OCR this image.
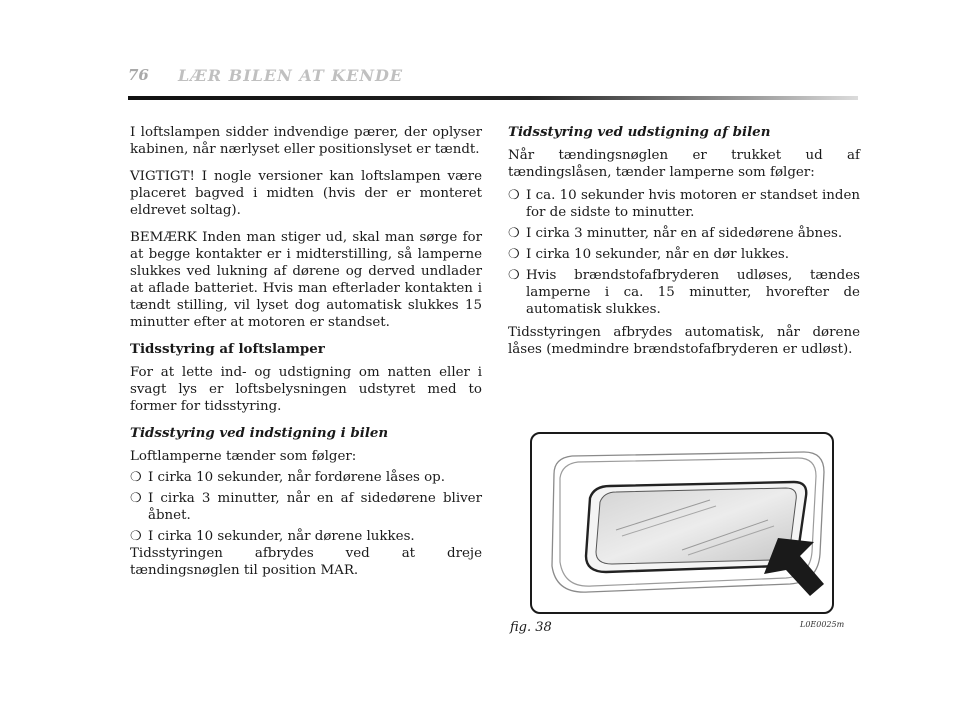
76 LÆR BILEN AT KENDE

I loftslampen sidder indvendige pærer, der oplyser kabinen, når nærlyset eller positionslyset er tændt.

VIGTIGT! I nogle versioner kan loftslampen være placeret bagved i midten (hvis der er monteret eldrevet soltag).

BEMÆRK Inden man stiger ud, skal man sørge for at begge kontakter er i midterstilling, så lamperne slukkes ved lukning af dørene og derved undlader at aflade batteriet. Hvis man efterlader kontakten i tændt stilling, vil lyset dog automatisk slukkes 15 minutter efter at motoren er standset.

Tidsstyring af loftslamper

For at lette ind- og udstigning om natten eller i svagt lys er loftsbelysningen udstyret med to former for tidsstyring.

Tidsstyring ved indstigning i bilen

Loftlamperne tænder som følger:

❍ I cirka 10 sekunder, når fordørene låses op.
❍ I cirka 3 minutter, når en af sidedørene bliver åbnet.
❍ I cirka 10 sekunder, når dørene lukkes.

Tidsstyringen afbrydes ved at dreje tændingsnøglen til position MAR.

Tidsstyring ved udstigning af bilen

Når tændingsnøglen er trukket ud af tændingslåsen, tænder lamperne som følger:

❍ I ca. 10 sekunder hvis motoren er standset inden for de sidste to minutter.
❍ I cirka 3 minutter, når en af sidedørene åbnes.
❍ I cirka 10 sekunder, når en dør lukkes.
❍ Hvis brændstofafbryderen udløses, tændes lamperne i ca. 15 minutter, hvorefter de automatisk slukkes.

Tidsstyringen afbrydes automatisk, når dørene låses (medmindre brændstofafbryderen er udløst).

fig. 38	L0E0025m
